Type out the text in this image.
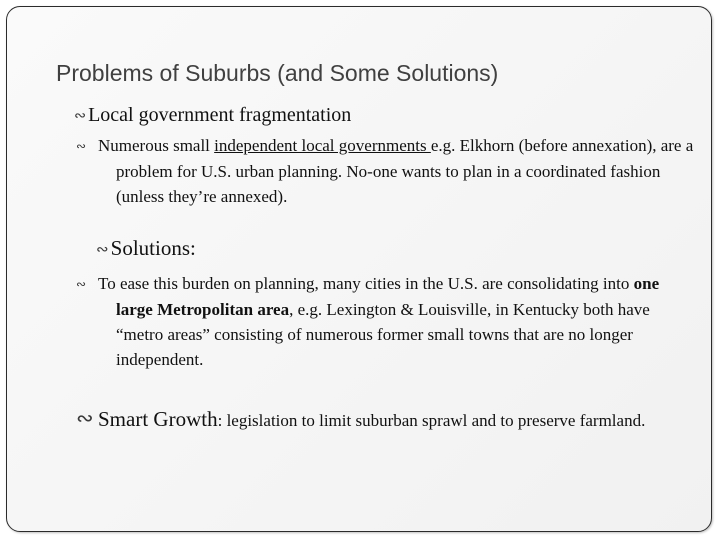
Problems of Suburbs (and Some Solutions)
∾ Local government fragmentation
Numerous small independent local governments e.g. Elkhorn (before annexation), are a problem for U.S. urban planning. No-one wants to plan in a coordinated fashion (unless they’re annexed).
∾Solutions:
To ease this burden on planning, many cities in the U.S. are consolidating into one large Metropolitan area, e.g. Lexington & Louisville, in Kentucky both have “metro areas” consisting of numerous former small towns that are no longer independent.
Smart Growth: legislation to limit suburban sprawl and to preserve farmland.
